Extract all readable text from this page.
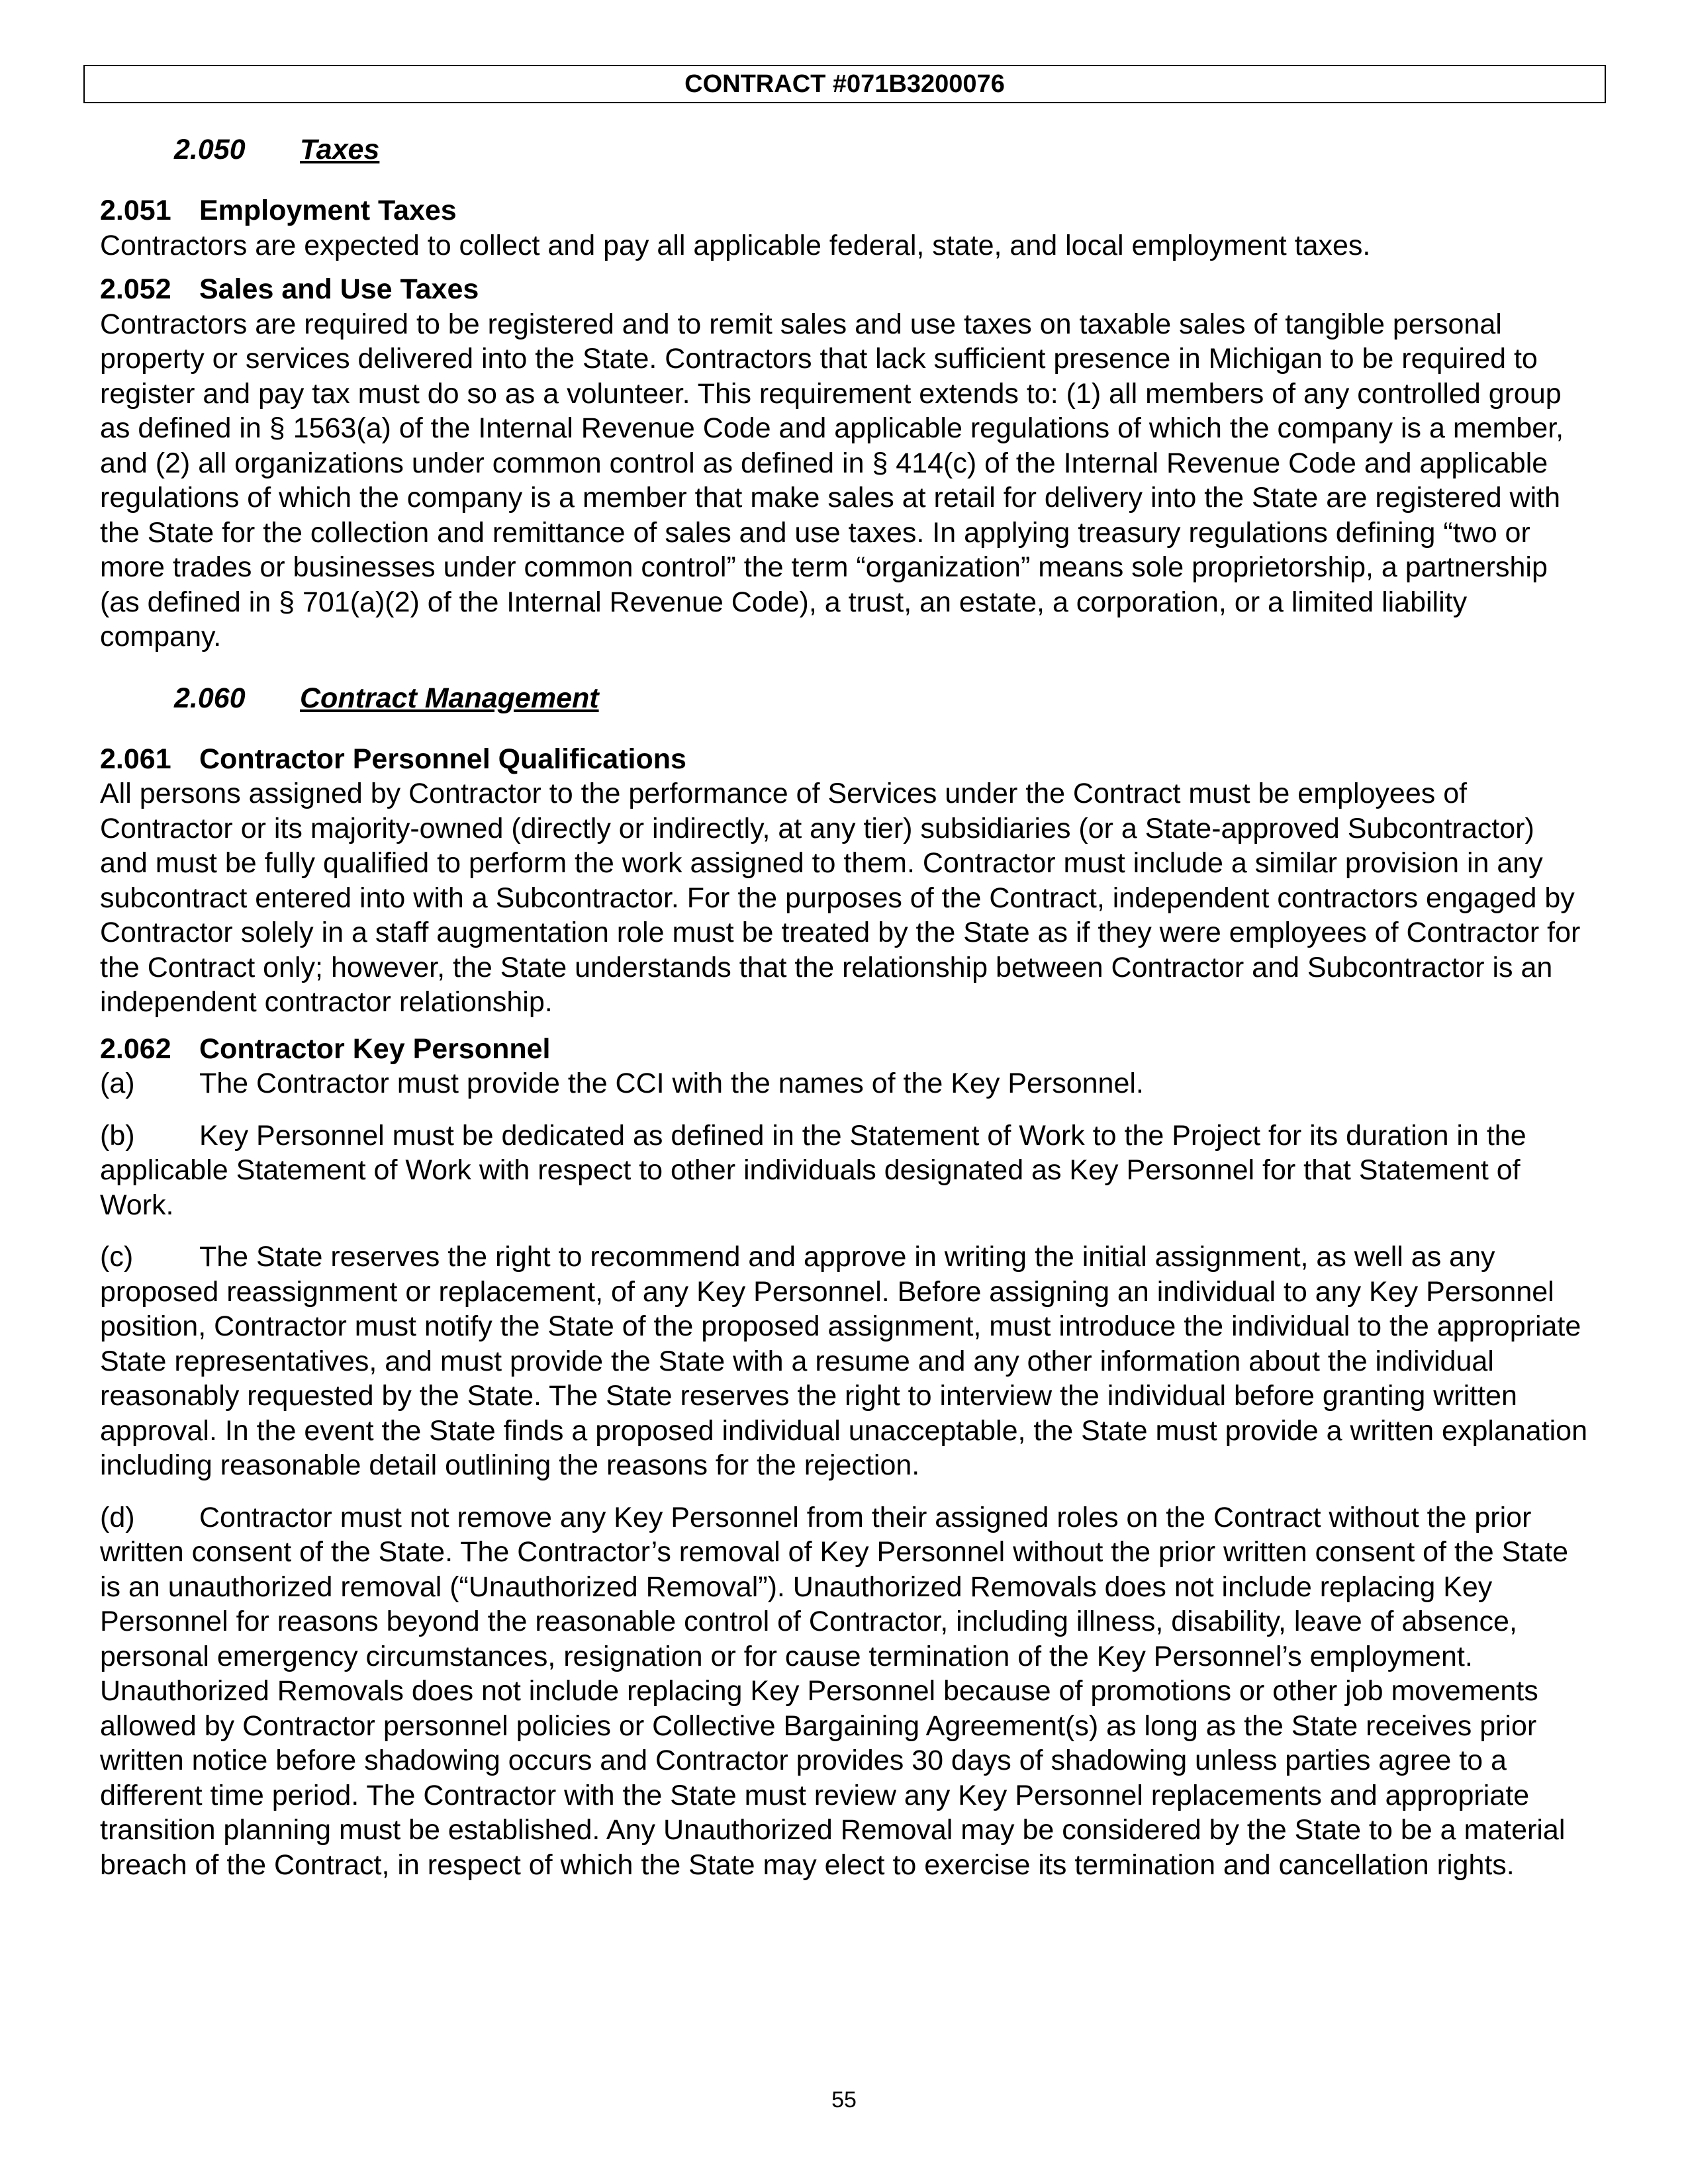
CONTRACT #071B3200076
2.050 Taxes
2.051 Employment Taxes

Contractors are expected to collect and pay all applicable federal, state, and local employment taxes.

2.052 Sales and Use Taxes

Contractors are required to be registered and to remit sales and use taxes on taxable sales of tangible personal property or services delivered into the State. Contractors that lack sufficient presence in Michigan to be required to register and pay tax must do so as a volunteer. This requirement extends to: (1) all members of any controlled group as defined in § 1563(a) of the Internal Revenue Code and applicable regulations of which the company is a member, and (2) all organizations under common control as defined in § 414(c) of the Internal Revenue Code and applicable regulations of which the company is a member that make sales at retail for delivery into the State are registered with the State for the collection and remittance of sales and use taxes. In applying treasury regulations defining “two or more trades or businesses under common control” the term “organization” means sole proprietorship, a partnership (as defined in § 701(a)(2) of the Internal Revenue Code), a trust, an estate, a corporation, or a limited liability company.

2.060 Contract Management
2.061 Contractor Personnel Qualifications

All persons assigned by Contractor to the performance of Services under the Contract must be employees of Contractor or its majority-owned (directly or indirectly, at any tier) subsidiaries (or a State-approved Subcontractor) and must be fully qualified to perform the work assigned to them. Contractor must include a similar provision in any subcontract entered into with a Subcontractor. For the purposes of the Contract, independent contractors engaged by Contractor solely in a staff augmentation role must be treated by the State as if they were employees of Contractor for the Contract only; however, the State understands that the relationship between Contractor and Subcontractor is an independent contractor relationship.

2.062 Contractor Key Personnel

(a) The Contractor must provide the CCI with the names of the Key Personnel.

(b) Key Personnel must be dedicated as defined in the Statement of Work to the Project for its duration in the applicable Statement of Work with respect to other individuals designated as Key Personnel for that Statement of Work.

(c) The State reserves the right to recommend and approve in writing the initial assignment, as well as any proposed reassignment or replacement, of any Key Personnel. Before assigning an individual to any Key Personnel position, Contractor must notify the State of the proposed assignment, must introduce the individual to the appropriate State representatives, and must provide the State with a resume and any other information about the individual reasonably requested by the State. The State reserves the right to interview the individual before granting written approval. In the event the State finds a proposed individual unacceptable, the State must provide a written explanation including reasonable detail outlining the reasons for the rejection.

(d) Contractor must not remove any Key Personnel from their assigned roles on the Contract without the prior written consent of the State. The Contractor’s removal of Key Personnel without the prior written consent of the State is an unauthorized removal (“Unauthorized Removal”). Unauthorized Removals does not include replacing Key Personnel for reasons beyond the reasonable control of Contractor, including illness, disability, leave of absence, personal emergency circumstances, resignation or for cause termination of the Key Personnel’s employment. Unauthorized Removals does not include replacing Key Personnel because of promotions or other job movements allowed by Contractor personnel policies or Collective Bargaining Agreement(s) as long as the State receives prior written notice before shadowing occurs and Contractor provides 30 days of shadowing unless parties agree to a different time period. The Contractor with the State must review any Key Personnel replacements and appropriate transition planning must be established. Any Unauthorized Removal may be considered by the State to be a material breach of the Contract, in respect of which the State may elect to exercise its termination and cancellation rights.

55
